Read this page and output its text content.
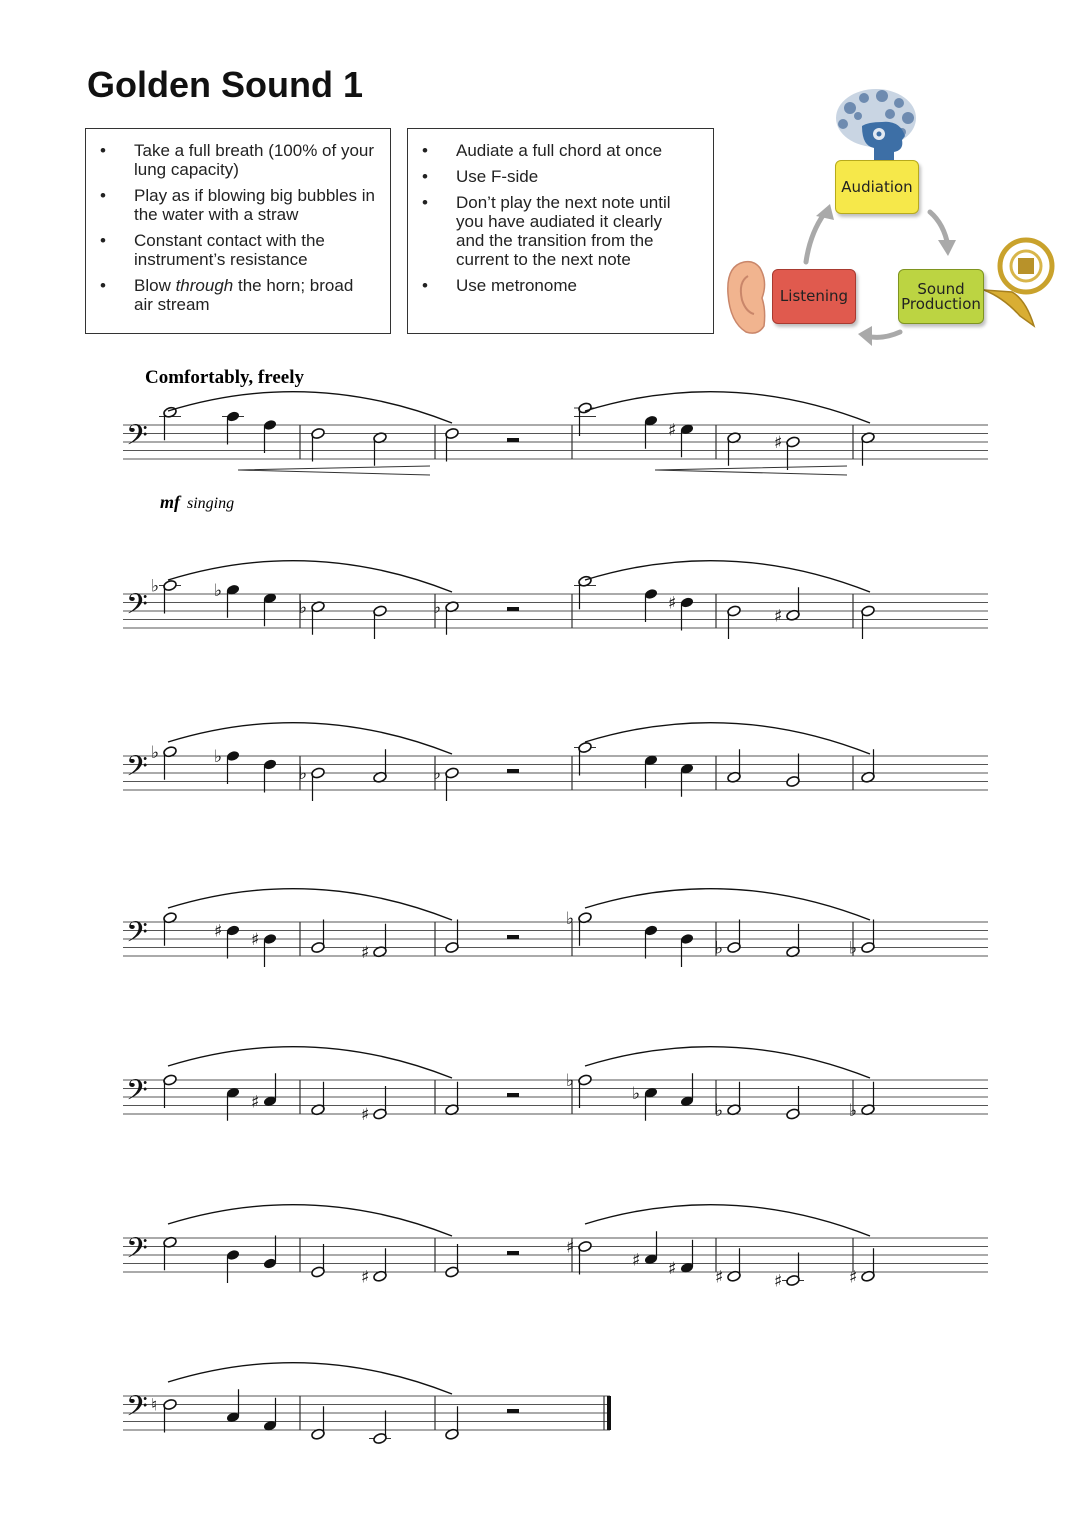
Golden Sound 1
• Take a full breath (100% of your lung capacity)
• Play as if blowing big bubbles in the water with a straw
• Constant contact with the instrument’s resistance
• Blow through the horn; broad air stream
• Audiate a full chord at once
• Use F-side
• Don’t play the next note until you have audiated it clearly and the transition from the current to the next note
• Use metronome
Audiation
Listening	Sound
Production
Comfortably, freely
mf singing
𝄢	♯
♯
𝄢
♭	♭
♭	♭	♯
♯
𝄢 ♭	♭
♭	♭
𝄢	♯ ♯
♯
♭
♭	♭
𝄢	♯
♯
♭
♭
♭	♭
𝄢
♯
♯
♯ ♯ ♯	♯	♯
𝄢 ♮
